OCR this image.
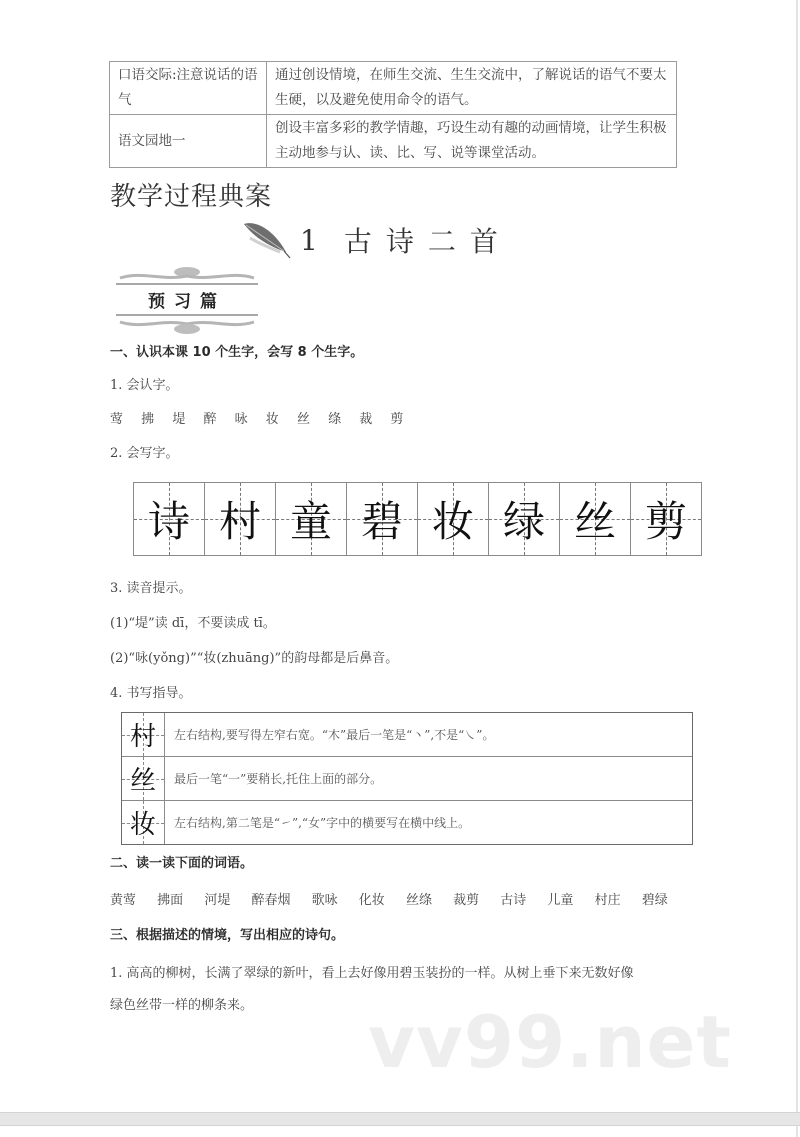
口语交际:注意说话的语气	通过创设情境，在师生交流、生生交流中，了解说话的语气不要太生硬，以及避免使用命令的语气。
语文园地一	创设丰富多彩的教学情趣，巧设生动有趣的动画情境，让学生积极主动地参与认、读、比、写、说等课堂活动。
教学过程典案
1 古诗二首
预习篇
一、认识本课 10 个生字，会写 8 个生字。
1. 会认字。
莺 拂 堤 醉 咏 妆 丝 绦 裁 剪
2. 会写字。
诗 村 童 碧 妆 绿 丝 剪
3. 读音提示。
(1)“堤”读 dī，不要读成 tī。
(2)“咏(yǒng)”“妆(zhuāng)”的韵母都是后鼻音。
4. 书写指导。
村	左右结构,要写得左窄右宽。“木”最后一笔是“丶”,不是“㇏”。
丝	最后一笔“一”要稍长,托住上面的部分。
妆	左右结构,第二笔是“㇀”,“女”字中的横要写在横中线上。
二、读一读下面的词语。
黄莺 拂面 河堤 醉春烟 歌咏 化妆 丝绦 裁剪 古诗 儿童 村庄 碧绿
三、根据描述的情境，写出相应的诗句。
1. 高高的柳树，长满了翠绿的新叶，看上去好像用碧玉装扮的一样。从树上垂下来无数好像
绿色丝带一样的柳条来。 vv99.net
